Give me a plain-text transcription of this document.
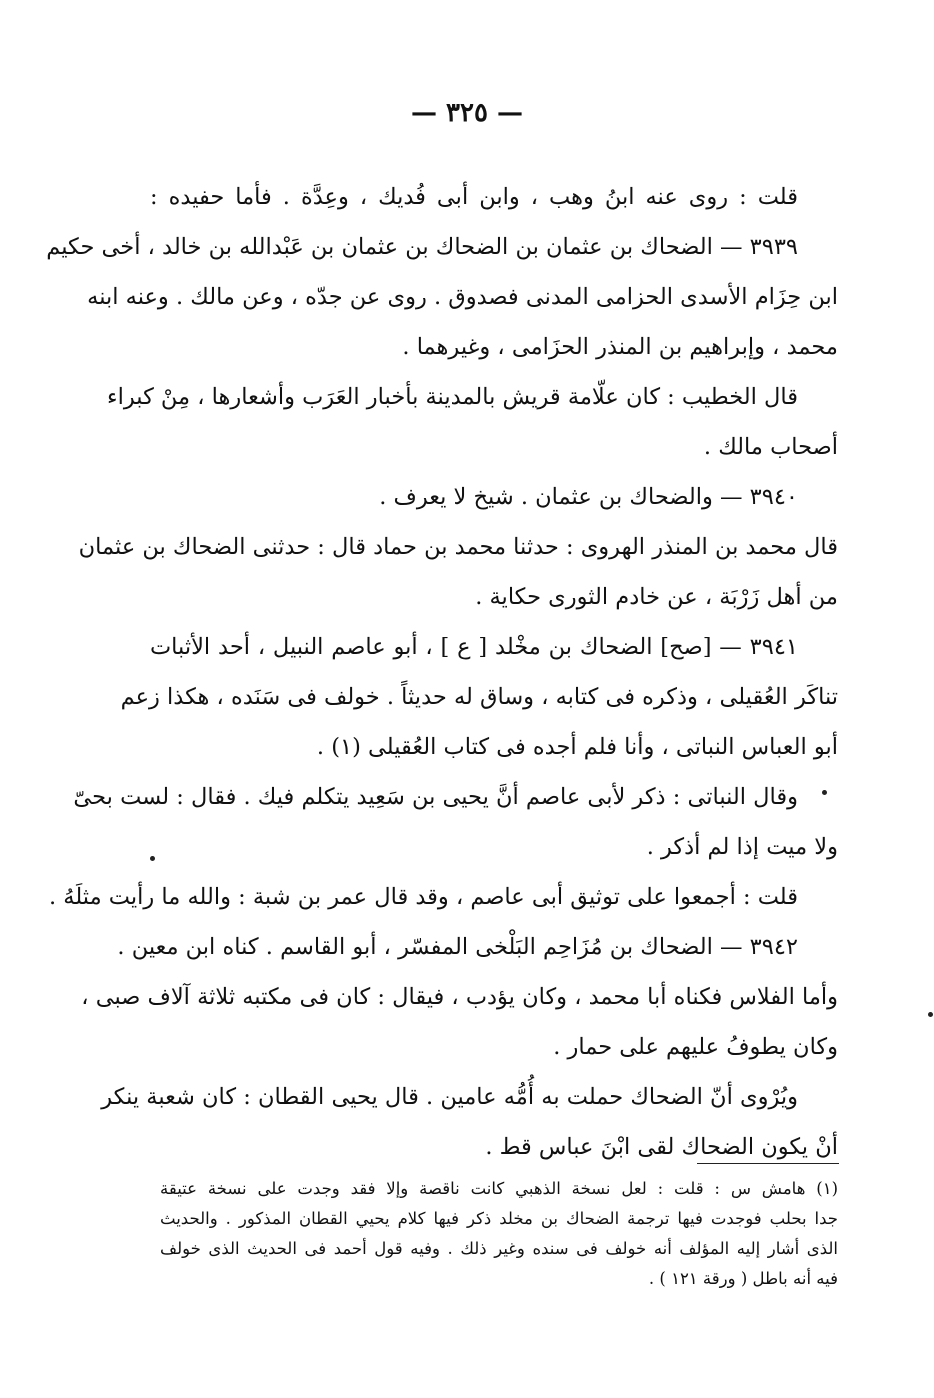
— ٣٢٥ —
قلت : روى عنه ابنُ وهب ، وابن أبى فُديك ، وعِدَّة . فأما حفيده :
٣٩٣٩ — الضحاك بن عثمان بن الضحاك بن عثمان بن عَبْدالله بن خالد ، أخى حكيم
ابن حِزَام الأسدى الحزامى المدنى فصدوق . روى عن جدّه ، وعن مالك . وعنه ابنه
محمد ، وإبراهيم بن المنذر الحزَامى ، وغيرهما .
قال الخطيب : كان علّامة قريش بالمدينة بأخبار العَرَب وأشعارها ، مِنْ كبراء
أصحاب مالك .
٣٩٤٠ — والضحاك بن عثمان . شيخ لا يعرف .
قال محمد بن المنذر الهروى : حدثنا محمد بن حماد قال : حدثنى الضحاك بن عثمان
من أهل زَرْبَة ، عن خادم الثورى حكاية .
٣٩٤١ — [صح] الضحاك بن مخْلد [ ع ] ، أبو عاصم النبيل ، أحد الأثبات
تناكَر العُقيلى ، وذكره فى كتابه ، وساق له حديثاً . خولف فى سَنَده ، هكذا زعم
أبو العباس النباتى ، وأنا فلم أجده فى كتاب العُقيلى (١) .
وقال النباتى : ذكر لأبى عاصم أنَّ يحيى بن سَعِيد يتكلم فيك . فقال : لست بحىّ
ولا ميت إذا لم أذكر .
قلت : أجمعوا على توثيق أبى عاصم ، وقد قال عمر بن شبة : والله ما رأيت مثلَهُ .
٣٩٤٢ — الضحاك بن مُزَاحِم البَلْخى المفسّر ، أبو القاسم . كناه ابن معين .
وأما الفلاس فكناه أبا محمد ، وكان يؤدب ، فيقال : كان فى مكتبه ثلاثة آلاف صبى ،
وكان يطوفُ عليهم على حمار .
ويُرْوى أنّ الضحاك حملت به أُمُّه عامين . قال يحيى القطان : كان شعبة ينكر
أنْ يكون الضحاك لقى ابْنَ عباس قط .
(١) هامش س : قلت : لعل نسخة الذهبي كانت ناقصة وإلا فقد وجدت على نسخة عتيقة
جدا بحلب فوجدت فيها ترجمة الضحاك بن مخلد ذكر فيها كلام يحيي القطان المذكور . والحديث
الذى أشار إليه المؤلف أنه خولف فى سنده وغير ذلك . وفيه قول أحمد فى الحديث الذى خولف
فيه أنه باطل ( ورقة ١٢١ ) .
